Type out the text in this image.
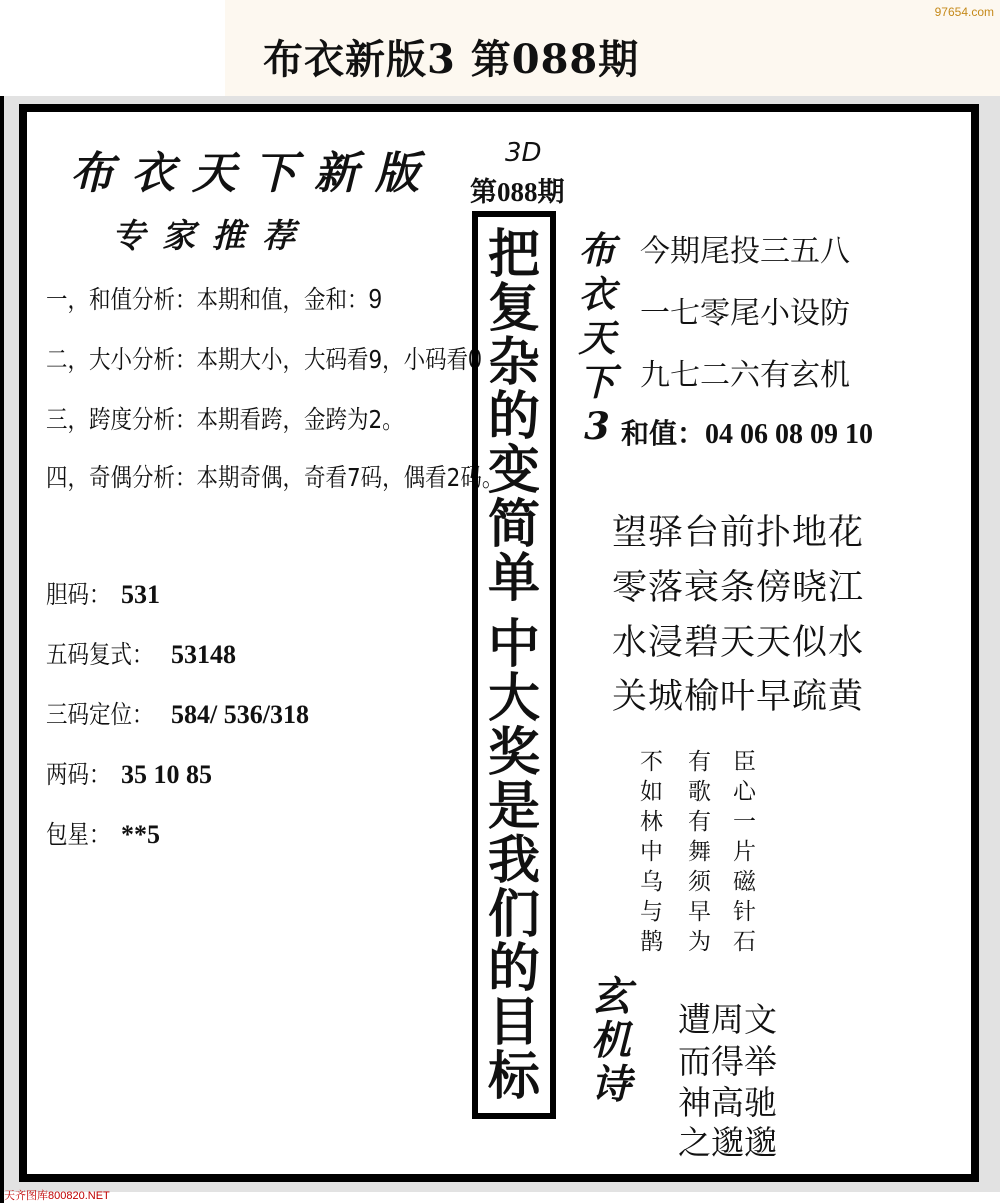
布衣新版3 第088期
97654.com
布衣天下新版
专家推荐
一，和值分析：本期和值，金和：9
二，大小分析：本期大小，大码看9，小码看0
三，跨度分析：本期看跨，金跨为2。
四，奇偶分析：本期奇偶，奇看7码，偶看2码。
胆码： 531
五码复式： 53148
三码定位： 584/ 536/318
两码： 35 10 85
包星： **5
3D
第088期
把
复
杂
的
变
简
单
中
大
奖
是
我
们
的
目
标
布
衣
天
下
3
今期尾投三五八
一七零尾小设防
九七二六有玄机
和值：04 06 08 09 10
望驿台前扑地花
零落衰条傍晓江
水浸碧天天似水
关城榆叶早疏黄
不
如
林
中
乌
与
鹊
有
歌
有
舞
须
早
为
臣
心
一
片
磁
针
石
玄
机
诗
遭周文
而得举
神高驰
之邈邈
天齐图库800820.NET
